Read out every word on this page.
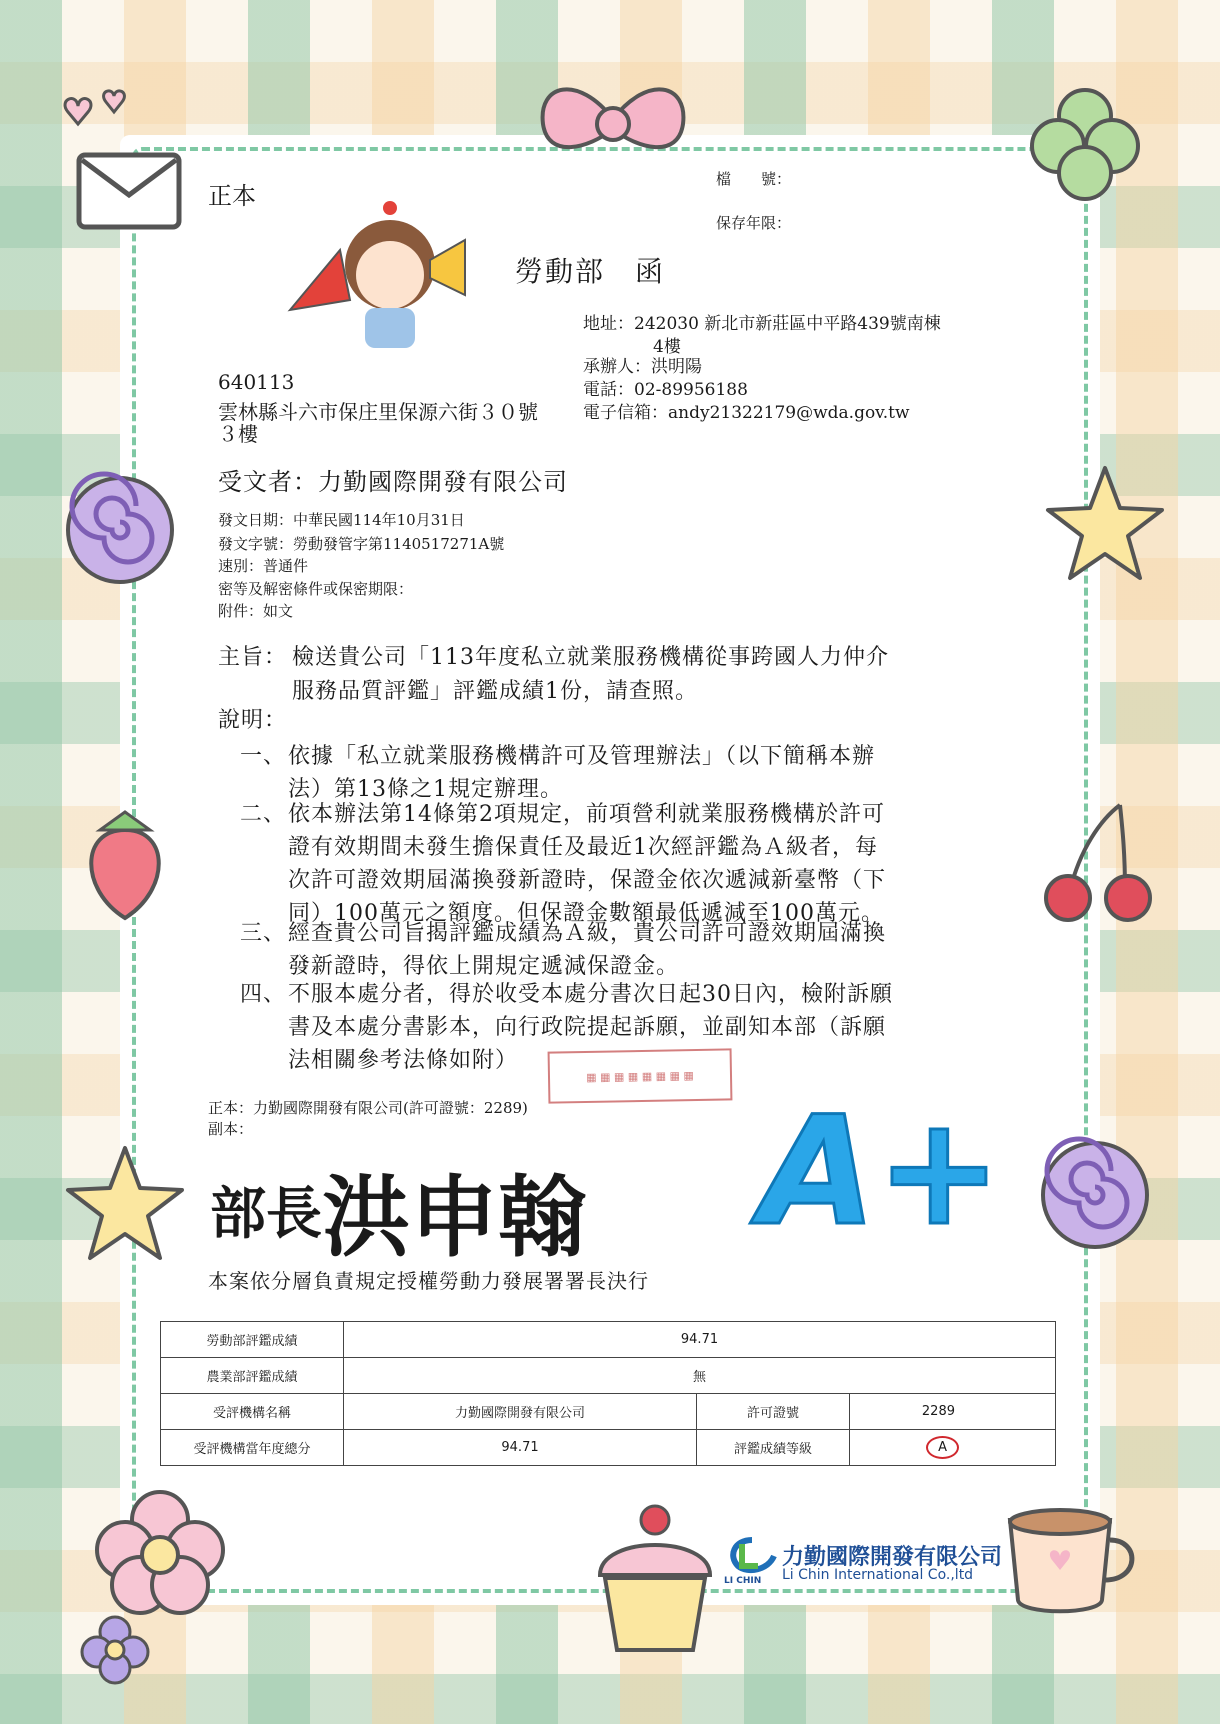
正本
檔　　號：
保存年限：
勞動部　函
地址：242030 新北市新莊區中平路439號南棟
4樓
承辦人：洪明陽
電話：02-89956188
電子信箱：andy21322179@wda.gov.tw
640113
雲林縣斗六市保庄里保源六街３０號
３樓
受文者：力勤國際開發有限公司
發文日期：中華民國114年10月31日
發文字號：勞動發管字第1140517271A號
速別：普通件
密等及解密條件或保密期限：
附件：如文
主旨： 檢送貴公司「113年度私立就業服務機構從事跨國人力仲介
服務品質評鑑」評鑑成績1份，請查照。
說明：
一、 依據「私立就業服務機構許可及管理辦法」（以下簡稱本辦
法）第13條之1規定辦理。
二、 依本辦法第14條第2項規定，前項營利就業服務機構於許可
證有效期間未發生擔保責任及最近1次經評鑑為Ａ級者，每
次許可證效期屆滿換發新證時，保證金依次遞減新臺幣（下
同）100萬元之額度。但保證金數額最低遞減至100萬元。
三、 經查貴公司旨揭評鑑成績為Ａ級，貴公司許可證效期屆滿換
發新證時，得依上開規定遞減保證金。
四、 不服本處分者，得於收受本處分書次日起30日內，檢附訴願
書及本處分書影本，向行政院提起訴願，並副知本部（訴願
法相關參考法條如附）
▦ ▦ ▦ ▦ ▦ ▦ ▦ ▦
正本：力勤國際開發有限公司(許可證號：2289)
副本：
部長 洪申翰 A+
本案依分層負責規定授權勞動力發展署署長決行
勞動部評鑑成績	94.71		
農業部評鑑成績	無		
受評機構名稱	力勤國際開發有限公司	許可證號	2289
受評機構當年度總分	94.71	評鑑成績等級	A
LI CHIN
力勤國際開發有限公司
Li Chin International Co.,ltd
